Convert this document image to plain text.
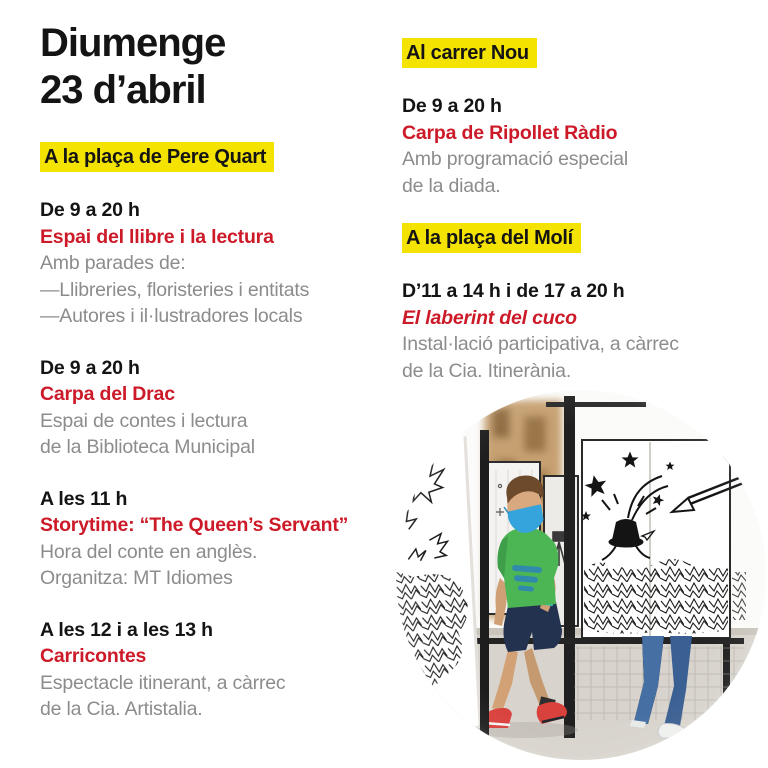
Diumenge
23 d’abril
A la plaça de Pere Quart
De 9 a 20 h
Espai del llibre i la lectura
Amb parades de:
—Llibreries, floristeries i entitats
—Autores i il·lustradores locals
De 9 a 20 h
Carpa del Drac
Espai de contes i lectura
de la Biblioteca Municipal
A les 11 h
Storytime: “The Queen’s Servant”
Hora del conte en anglès.
Organitza: MT Idiomes
A les 12 i a les 13 h
Carricontes
Espectacle itinerant, a càrrec
de la Cia. Artistalia.
Al carrer Nou
De 9 a 20 h
Carpa de Ripollet Ràdio
Amb programació especial
de la diada.
A la plaça del Molí
D’11 a 14 h i de 17 a 20 h
El laberint del cuco
Instal·lació participativa, a càrrec
de la Cia. Itinerània.
